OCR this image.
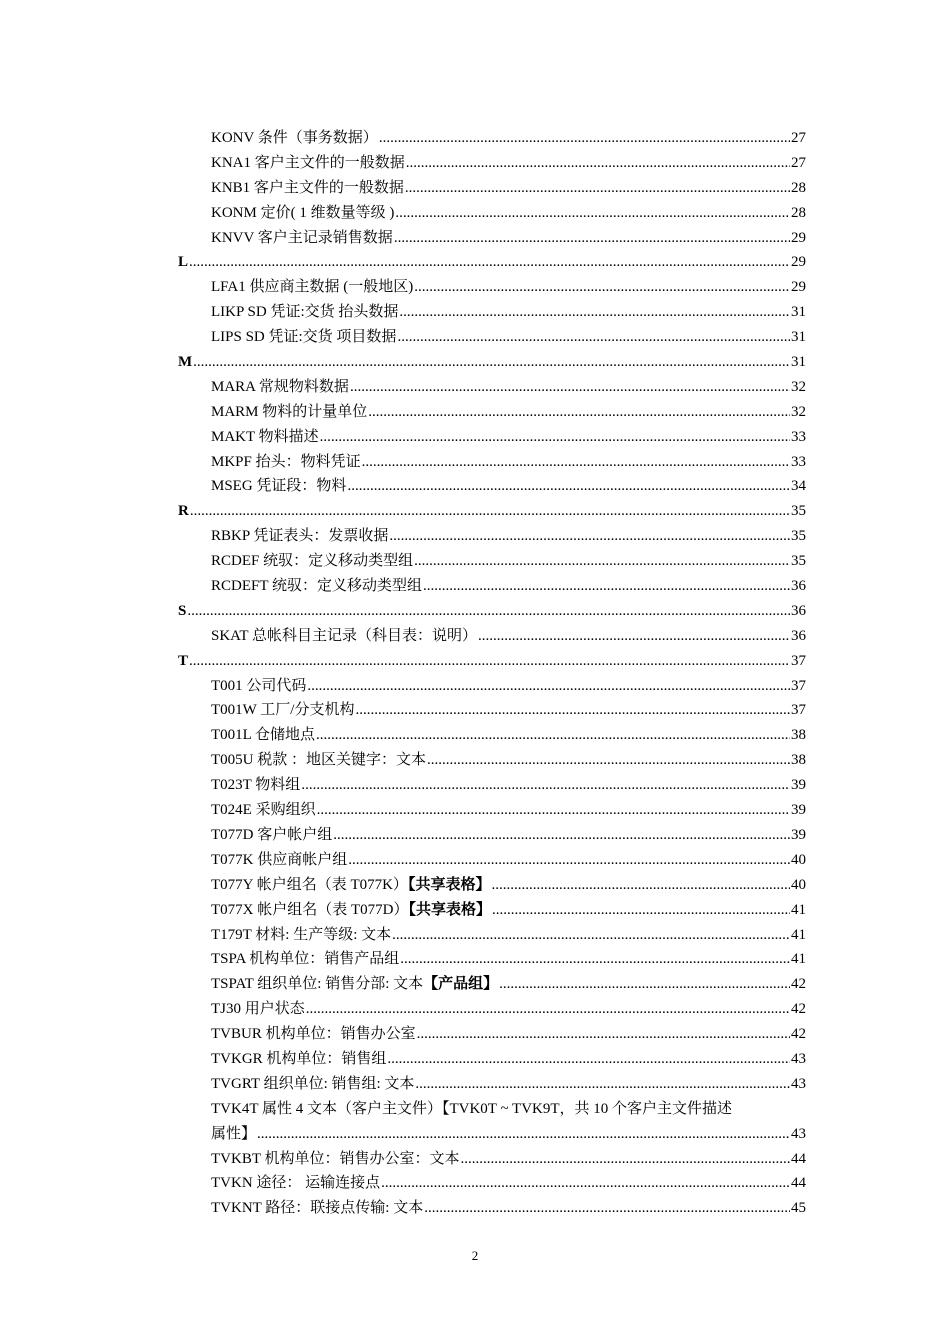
KONV 条件（事务数据） .....	27
KNA1 客户主文件的一般数据 .....	27
KNB1 客户主文件的一般数据 .....	28
KONM 定价( 1 维数量等级 ) .....	28
KNVV 客户主记录销售数据 .....	29
L .....	29
LFA1 供应商主数据 (一般地区) .....	29
LIKP SD 凭证:交货 抬头数据 .....	31
LIPS SD 凭证:交货 项目数据 .....	31
M .....	31
MARA 常规物料数据 .....	32
MARM 物料的计量单位 .....	32
MAKT 物料描述 .....	33
MKPF 抬头：物料凭证 .....	33
MSEG 凭证段：物料 .....	34
R .....	35
RBKP 凭证表头：发票收据 .....	35
RCDEF 统驭：定义移动类型组 .....	35
RCDEFT 统驭：定义移动类型组 .....	36
S .....	36
SKAT 总帐科目主记录（科目表：说明） .....	36
T .....	37
T001 公司代码 .....	37
T001W 工厂/分支机构 .....	37
T001L 仓储地点 .....	38
T005U 税款 ：地区关键字：文本 .....	38
T023T 物料组 .....	39
T024E 采购组织 .....	39
T077D 客户帐户组 .....	39
T077K 供应商帐户组 .....	40
T077Y 帐户组名（表 T077K）【共享表格】 .....	40
T077X 帐户组名（表 T077D）【共享表格】 .....	41
T179T 材料: 生产等级: 文本 .....	41
TSPA 机构单位：销售产品组 .....	41
TSPAT 组织单位: 销售分部: 文本【产品组】 .....	42
TJ30 用户状态 .....	42
TVBUR 机构单位：销售办公室 .....	42
TVKGR 机构单位：销售组 .....	43
TVGRT 组织单位: 销售组: 文本 .....	43
TVK4T 属性 4 文本（客户主文件）【TVK0T ~ TVK9T，共 10 个客户主文件描述
属性】 .....	43
TVKBT 机构单位：销售办公室：文本 .....	44
TVKN 途径： 运输连接点 .....	44
TVKNT 路径：联接点传输: 文本 .....	45
2
